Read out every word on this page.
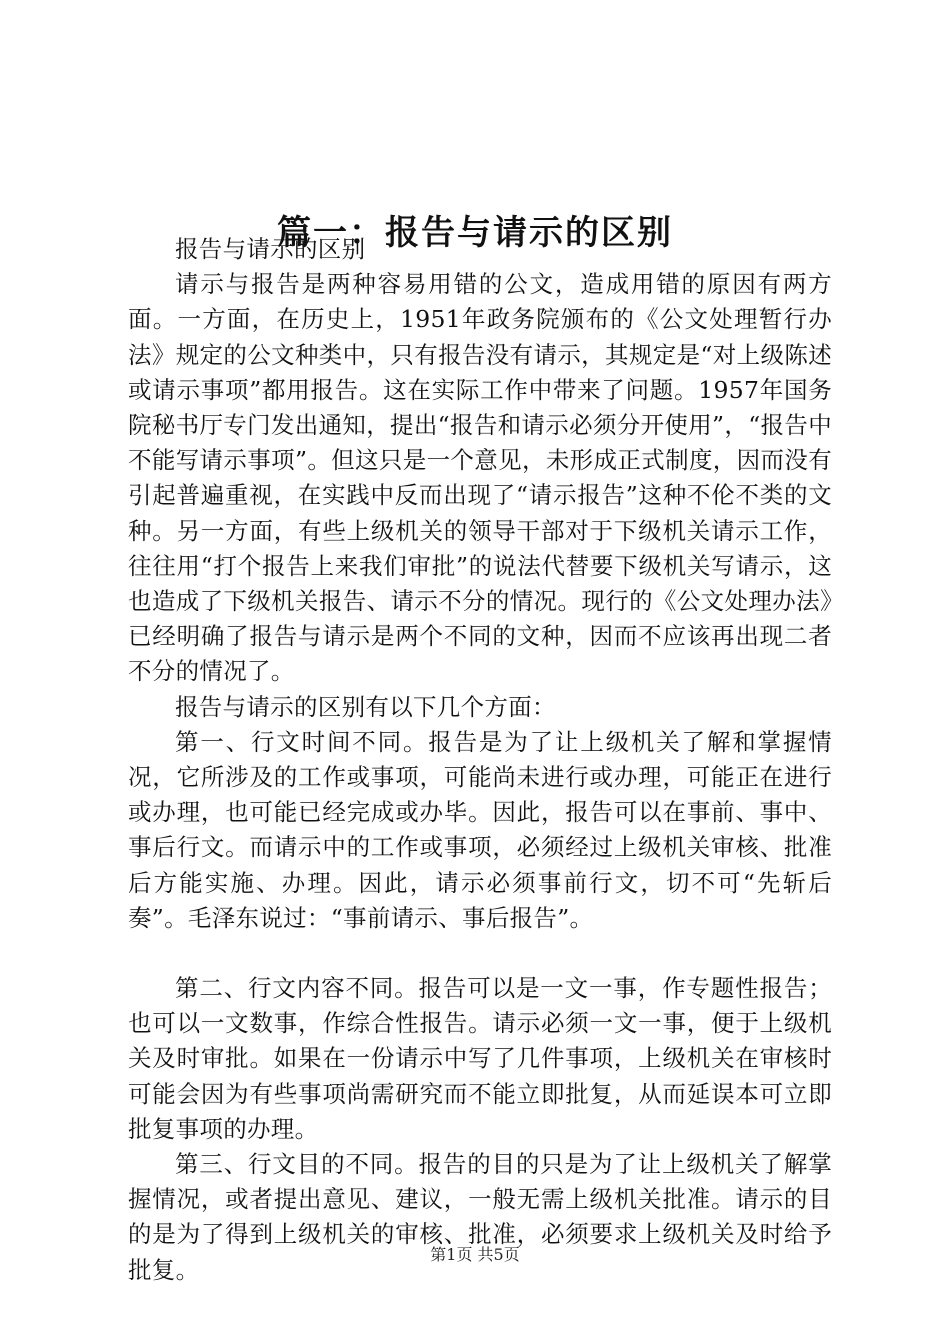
篇一：报告与请示的区别

报告与请示的区别

请示与报告是两种容易用错的公文，造成用错的原因有两方面。一方面，在历史上，1951年政务院颁布的《公文处理暂行办法》规定的公文种类中，只有报告没有请示，其规定是“对上级陈述或请示事项”都用报告。这在实际工作中带来了问题。1957年国务院秘书厅专门发出通知，提出“报告和请示必须分开使用”，“报告中不能写请示事项”。但这只是一个意见，未形成正式制度，因而没有引起普遍重视，在实践中反而出现了“请示报告”这种不伦不类的文种。另一方面，有些上级机关的领导干部对于下级机关请示工作，往往用“打个报告上来我们审批”的说法代替要下级机关写请示，这也造成了下级机关报告、请示不分的情况。现行的《公文处理办法》已经明确了报告与请示是两个不同的文种，因而不应该再出现二者不分的情况了。

报告与请示的区别有以下几个方面：

第一、行文时间不同。报告是为了让上级机关了解和掌握情况，它所涉及的工作或事项，可能尚未进行或办理，可能正在进行或办理，也可能已经完成或办毕。因此，报告可以在事前、事中、事后行文。而请示中的工作或事项，必须经过上级机关审核、批准后方能实施、办理。因此，请示必须事前行文，切不可“先斩后奏”。毛泽东说过：“事前请示、事后报告”。

第二、行文内容不同。报告可以是一文一事，作专题性报告；也可以一文数事，作综合性报告。请示必须一文一事，便于上级机关及时审批。如果在一份请示中写了几件事项，上级机关在审核时可能会因为有些事项尚需研究而不能立即批复，从而延误本可立即批复事项的办理。

第三、行文目的不同。报告的目的只是为了让上级机关了解掌握情况，或者提出意见、建议，一般无需上级机关批准。请示的目的是为了得到上级机关的审核、批准，必须要求上级机关及时给予批复。

第1页 共5页
